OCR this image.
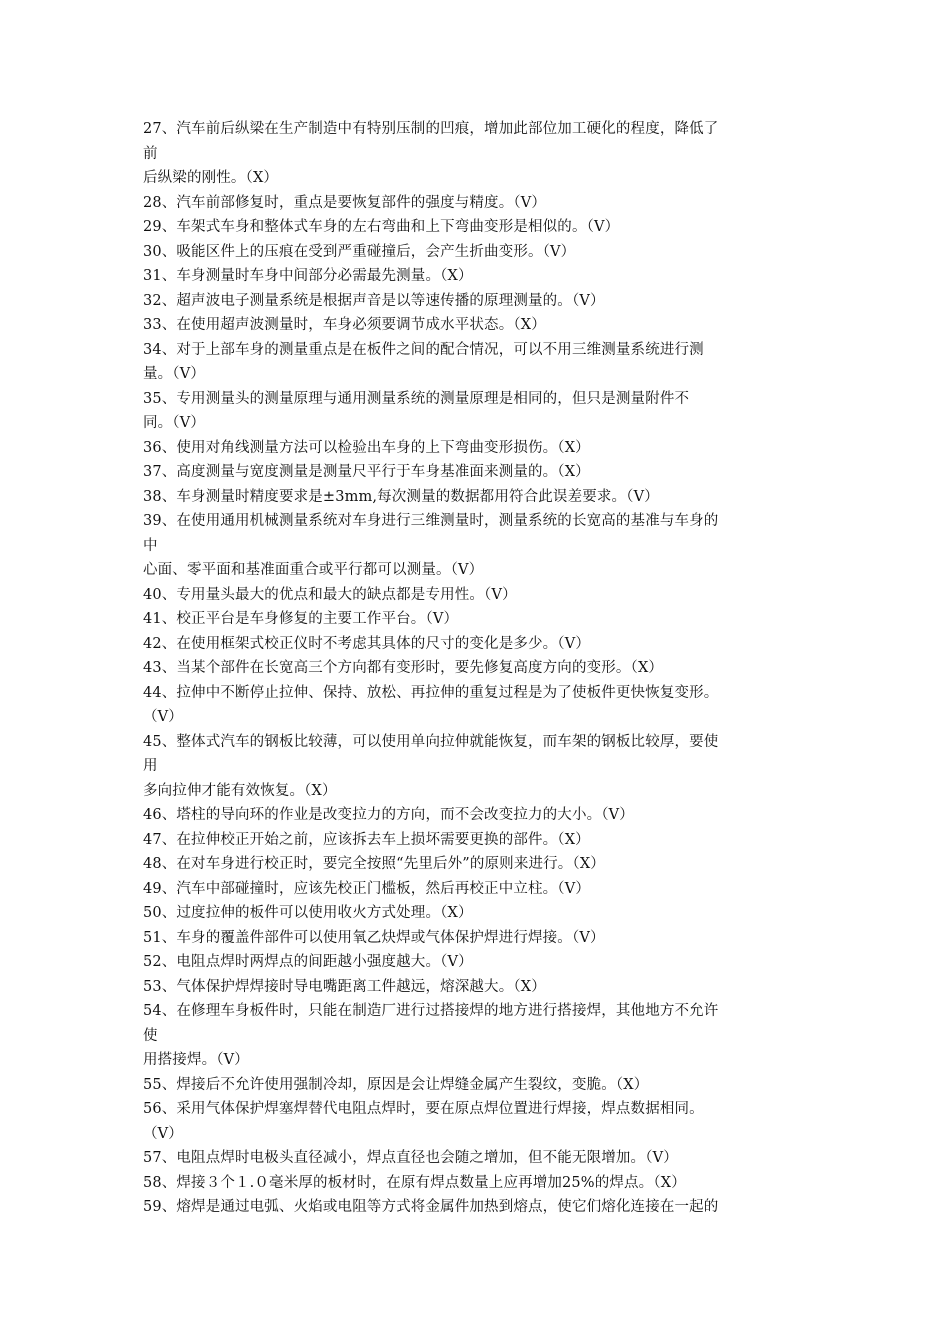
27、汽车前后纵梁在生产制造中有特别压制的凹痕，增加此部位加工硬化的程度，降低了
前
后纵梁的刚性。（X）
28、汽车前部修复时，重点是要恢复部件的强度与精度。（V）
29、车架式车身和整体式车身的左右弯曲和上下弯曲变形是相似的。（V）
30、吸能区件上的压痕在受到严重碰撞后，会产生折曲变形。（V）
31、车身测量时车身中间部分必需最先测量。（X）
32、超声波电子测量系统是根据声音是以等速传播的原理测量的。（V）
33、在使用超声波测量时，车身必须要调节成水平状态。（X）
34、对于上部车身的测量重点是在板件之间的配合情况，可以不用三维测量系统进行测
量。（V）
35、专用测量头的测量原理与通用测量系统的测量原理是相同的，但只是测量附件不
同。（V）
36、使用对角线测量方法可以检验出车身的上下弯曲变形损伤。（X）
37、高度测量与宽度测量是测量尺平行于车身基准面来测量的。（X）
38、车身测量时精度要求是±3mm,每次测量的数据都用符合此误差要求。（V）
39、在使用通用机械测量系统对车身进行三维测量时，测量系统的长宽高的基准与车身的
中
心面、零平面和基准面重合或平行都可以测量。（V）
40、专用量头最大的优点和最大的缺点都是专用性。（V）
41、校正平台是车身修复的主要工作平台。（V）
42、在使用框架式校正仪时不考虑其具体的尺寸的变化是多少。（V）
43、当某个部件在长宽高三个方向都有变形时，要先修复高度方向的变形。（X）
44、拉伸中不断停止拉伸、保持、放松、再拉伸的重复过程是为了使板件更快恢复变形。
（V）
45、整体式汽车的钢板比较薄，可以使用单向拉伸就能恢复，而车架的钢板比较厚，要使
用
多向拉伸才能有效恢复。（X）
46、塔柱的导向环的作业是改变拉力的方向，而不会改变拉力的大小。（V）
47、在拉伸校正开始之前，应该拆去车上损坏需要更换的部件。（X）
48、在对车身进行校正时，要完全按照“先里后外”的原则来进行。（X）
49、汽车中部碰撞时，应该先校正门槛板，然后再校正中立柱。（V）
50、过度拉伸的板件可以使用收火方式处理。（X）
51、车身的覆盖件部件可以使用氧乙炔焊或气体保护焊进行焊接。（V）
52、电阻点焊时两焊点的间距越小强度越大。（V）
53、气体保护焊焊接时导电嘴距离工件越远，熔深越大。（X）
54、在修理车身板件时，只能在制造厂进行过搭接焊的地方进行搭接焊，其他地方不允许
使
用搭接焊。（V）
55、焊接后不允许使用强制冷却，原因是会让焊缝金属产生裂纹，变脆。（X）
56、采用气体保护焊塞焊替代电阻点焊时，要在原点焊位置进行焊接，焊点数据相同。
（V）
57、电阻点焊时电极头直径减小，焊点直径也会随之增加，但不能无限增加。（V）
58、焊接３个１.０毫米厚的板材时，在原有焊点数量上应再增加25%的焊点。（X）
59、熔焊是通过电弧、火焰或电阻等方式将金属件加热到熔点，使它们熔化连接在一起的
